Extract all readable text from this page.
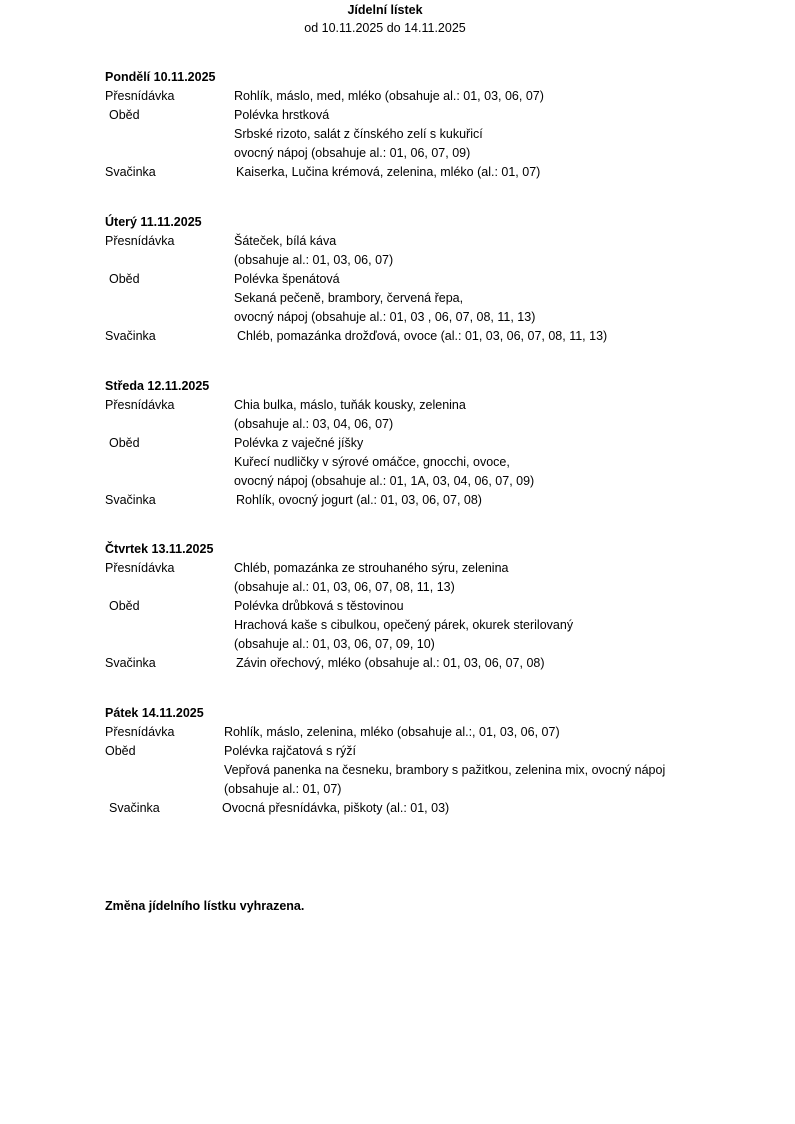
Jídelní lístek
od 10.11.2025 do 14.11.2025
Pondělí 10.11.2025
Přesnídávka	Rohlík, máslo, med, mléko (obsahuje al.: 01, 03, 06, 07)
Oběd	Polévka hrstková
Srbské rizoto, salát z čínského zelí s kukuřicí
ovocný nápoj (obsahuje al.: 01, 06, 07, 09)
Svačinka	Kaiserka, Lučina krémová, zelenina, mléko (al.: 01, 07)
Úterý 11.11.2025
Přesnídávka	Šáteček, bílá káva
(obsahuje al.: 01, 03, 06, 07)
Oběd	Polévka špenátová
Sekaná pečeně, brambory, červená řepa,
ovocný nápoj (obsahuje al.: 01, 03 , 06, 07, 08, 11, 13)
Svačinka	Chléb, pomazánka drožďová, ovoce (al.: 01, 03, 06, 07, 08, 11, 13)
Středa 12.11.2025
Přesnídávka	Chia bulka, máslo, tuňák kousky, zelenina
(obsahuje al.: 03, 04, 06, 07)
Oběd	Polévka z vaječné jíšky
Kuřecí nudličky v sýrové omáčce, gnocchi, ovoce,
ovocný nápoj (obsahuje al.: 01, 1A, 03, 04, 06, 07, 09)
Svačinka	Rohlík, ovocný jogurt (al.: 01, 03, 06, 07, 08)
Čtvrtek 13.11.2025
Přesnídávka	Chléb, pomazánka ze strouhaného sýru, zelenina
(obsahuje al.: 01, 03, 06, 07, 08, 11, 13)
Oběd	Polévka drůbková s těstovinou
Hrachová kaše s cibulkou, opečený párek, okurek sterilovaný
(obsahuje al.: 01, 03, 06, 07, 09, 10)
Svačinka	Závin ořechový, mléko (obsahuje al.: 01, 03, 06, 07, 08)
Pátek 14.11.2025
Přesnídávka	Rohlík, máslo, zelenina, mléko (obsahuje al.:, 01, 03, 06, 07)
Oběd	Polévka rajčatová s rýží
Vepřová panenka na česneku, brambory s pažitkou, zelenina mix, ovocný nápoj
(obsahuje al.: 01, 07)
Svačinka	Ovocná přesnídávka, piškoty (al.: 01, 03)
Změna jídelního lístku vyhrazena.
